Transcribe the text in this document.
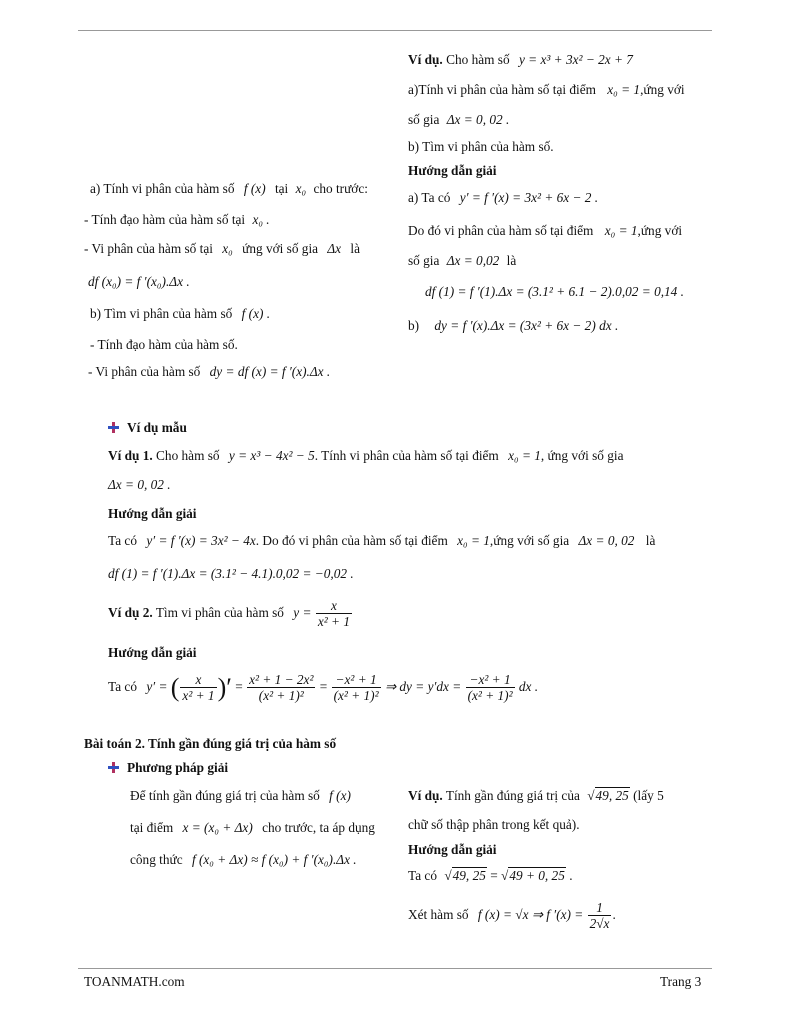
Ví dụ. Cho hàm số y = x³ + 3x² − 2x + 7
a)Tính vi phân của hàm số tại điểm x₀ = 1,ứng với
số gia Δx = 0, 02 .
b) Tìm vi phân của hàm số.
Hướng dẫn giải
a) Ta có y′ = f ′(x) = 3x² + 6x − 2 .
Do đó vi phân của hàm số tại điểm x₀ = 1,ứng với
số gia Δx = 0,02 là
df (1) = f ′(1).Δx = (3.1² + 6.1 − 2).0,02 = 0,14 .
b) dy = f ′(x).Δx = (3x² + 6x − 2) dx .
a) Tính vi phân của hàm số f (x) tại x₀ cho trước:
- Tính đạo hàm của hàm số tại x₀ .
- Vi phân của hàm số tại x₀ ứng với số gia Δx là
df (x₀) = f ′(x₀).Δx .
b) Tìm vi phân của hàm số f (x) .
- Tính đạo hàm của hàm số.
- Vi phân của hàm số dy = df (x) = f ′(x).Δx .
Ví dụ mẫu
Ví dụ 1. Cho hàm số y = x³ − 4x² − 5. Tính vi phân của hàm số tại điểm x₀ = 1, ứng với số gia
Δx = 0, 02 .
Hướng dẫn giải
Ta có y′ = f ′(x) = 3x² − 4x. Do đó vi phân của hàm số tại điểm x₀ = 1,ứng với số gia Δx = 0, 02 là
df (1) = f ′(1).Δx = (3.1² − 4.1).0,02 = −0,02 .
Ví dụ 2. Tìm vi phân của hàm số $y = \frac{x}{\text{x² + 1}}$
Hướng dẫn giải
Ta có y′ = ( $\frac{x}{\text{x² + 1}}$ )′ = $\frac{\text{x² + 1 − 2x²}}{\text{(x² + 1)²}} = \frac{\text{−x² + 1}}{\text{(x² + 1)²}}$ ⇒ dy = $y'dx = \frac{\text{−x² + 1}}{\text{(x² + 1)²}}$ dx .
Bài toán 2. Tính gần đúng giá trị của hàm số
Phương pháp giải
Để tính gần đúng giá trị của hàm số f (x)
tại điểm x = (x₀ + Δx) cho trước, ta áp dụng
công thức f (x₀ + Δx) ≈ f (x₀) + f ′(x₀).Δx .
Ví dụ. Tính gần đúng giá trị của √49, 25 (lấy 5
chữ số thập phân trong kết quả).
Hướng dẫn giải
Ta có √49, 25 = √49 + 0, 25 .
Xét hàm số f (x) = √x ⇒ f $'(x) = \frac{1}{2√x}$ .
TOANMATH.com	Trang 3
